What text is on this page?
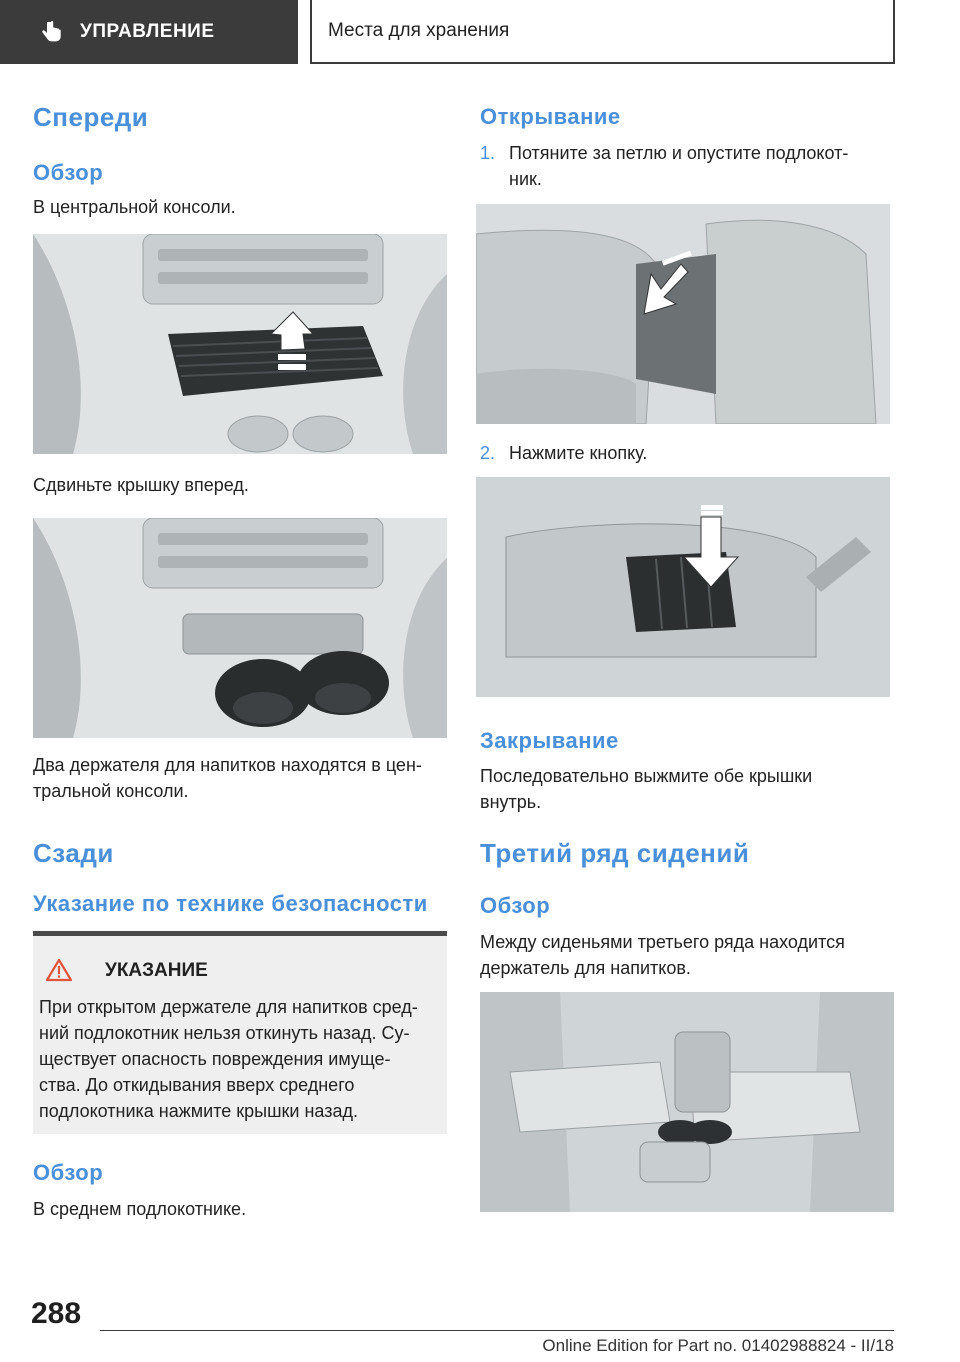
УПРАВЛЕНИЕ	Места для хранения
Спереди
Обзор
В центральной консоли.
Сдвиньте крышку вперед.
Два держателя для напитков находятся в цен-
тральной консоли.
Сзади
Указание по технике безопасности
УКАЗАНИЕ
При открытом держателе для напитков сред-
ний подлокотник нельзя откинуть назад. Су-
ществует опасность повреждения имуще-
ства. До откидывания вверх среднего
подлокотника нажмите крышки назад.
Обзор
В среднем подлокотнике.
Открывание
1. Потяните за петлю и опустите подлокот-
ник.
2. Нажмите кнопку.
Закрывание
Последовательно выжмите обе крышки
внутрь.
Третий ряд сидений
Обзор
Между сиденьями третьего ряда находится
держатель для напитков.
288
Online Edition for Part no. 01402988824 - II/18
